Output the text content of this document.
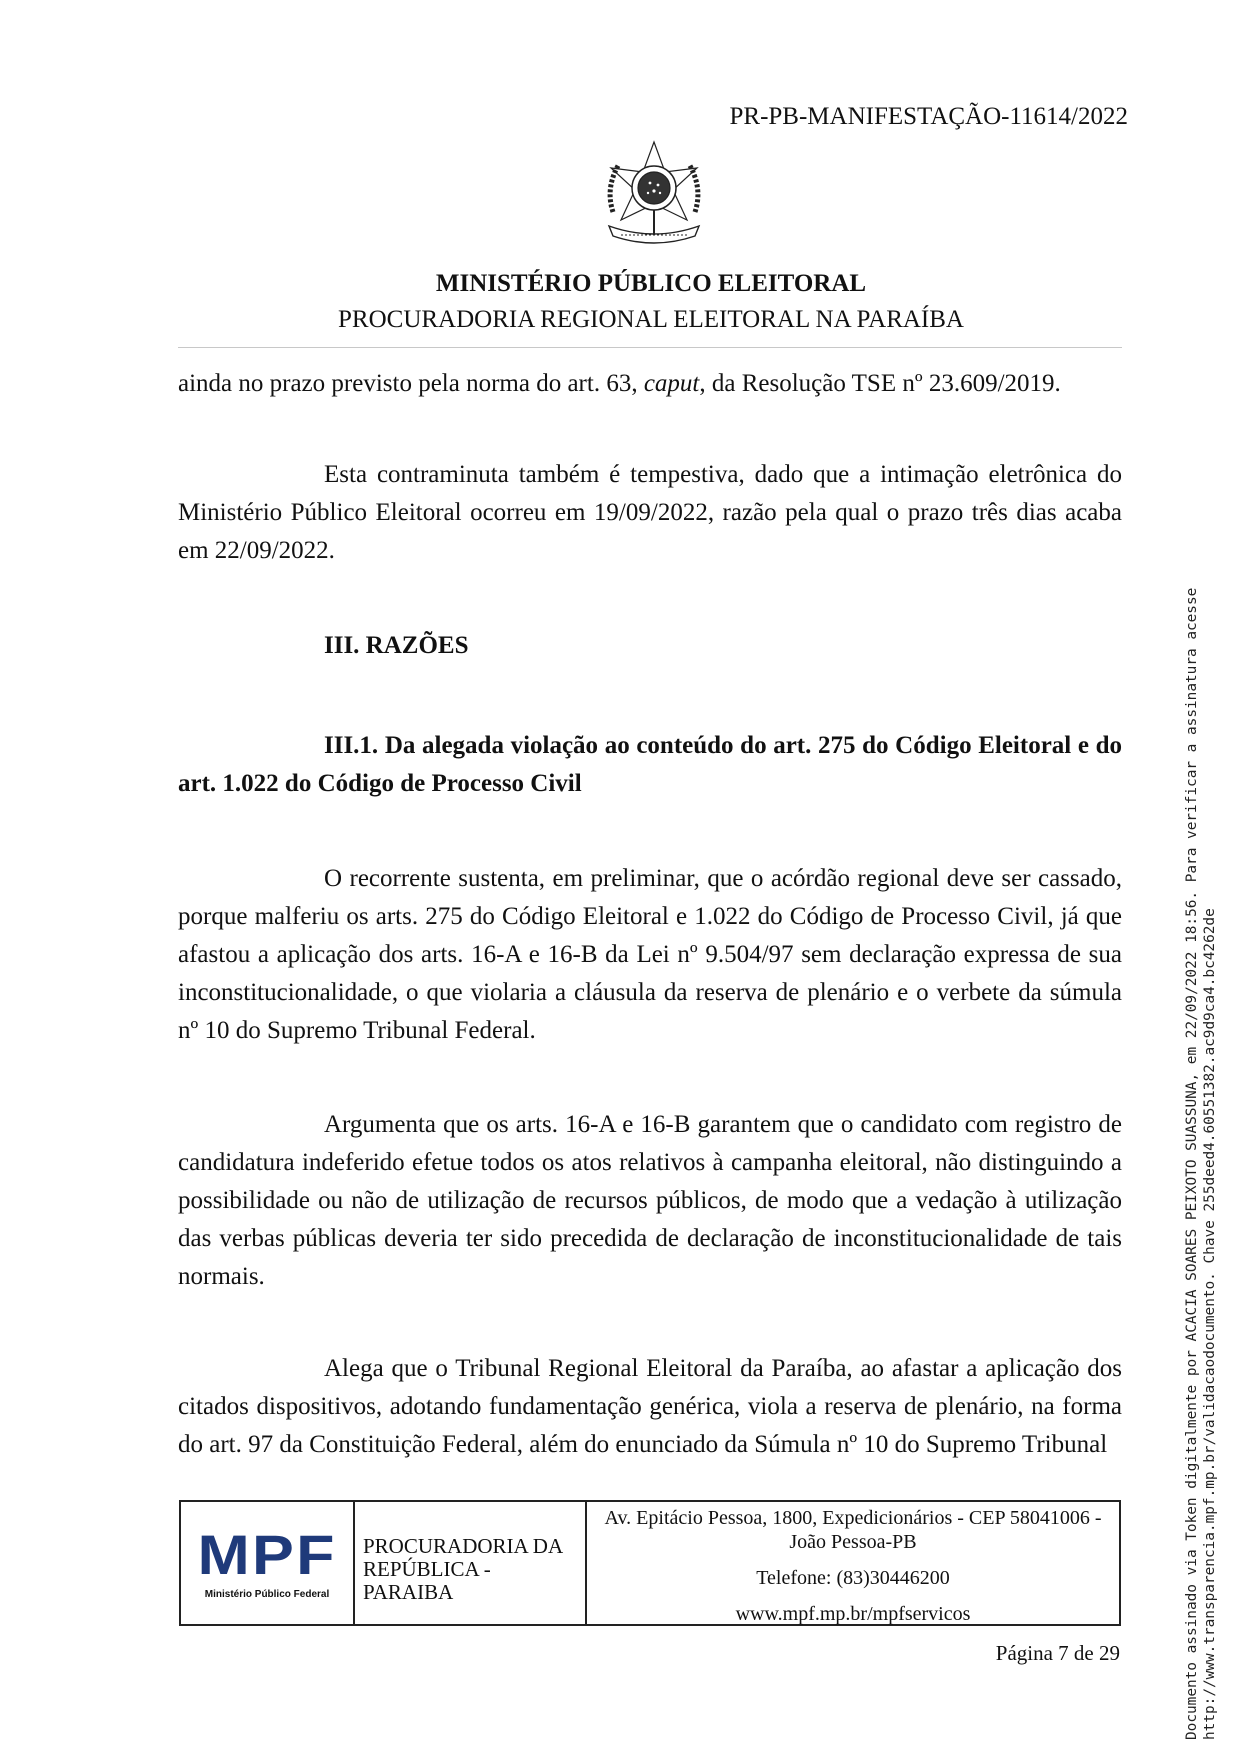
PR-PB-MANIFESTAÇÃO-11614/2022
MINISTÉRIO PÚBLICO ELEITORAL
PROCURADORIA REGIONAL ELEITORAL NA PARAÍBA

ainda no prazo previsto pela norma do art. 63, caput, da Resolução TSE nº 23.609/2019.

Esta contraminuta também é tempestiva, dado que a intimação eletrônica do Ministério Público Eleitoral ocorreu em 19/09/2022, razão pela qual o prazo três dias acaba em 22/09/2022.

III. RAZÕES

III.1. Da alegada violação ao conteúdo do art. 275 do Código Eleitoral e do art. 1.022 do Código de Processo Civil

O recorrente sustenta, em preliminar, que o acórdão regional deve ser cassado, porque malferiu os arts. 275 do Código Eleitoral e 1.022 do Código de Processo Civil, já que afastou a aplicação dos arts. 16-A e 16-B da Lei nº 9.504/97 sem declaração expressa de sua inconstitucionalidade, o que violaria a cláusula da reserva de plenário e o verbete da súmula nº 10 do Supremo Tribunal Federal.

Argumenta que os arts. 16-A e 16-B garantem que o candidato com registro de candidatura indeferido efetue todos os atos relativos à campanha eleitoral, não distinguindo a possibilidade ou não de utilização de recursos públicos, de modo que a vedação à utilização das verbas públicas deveria ter sido precedida de declaração de inconstitucionalidade de tais normais.

Alega que o Tribunal Regional Eleitoral da Paraíba, ao afastar a aplicação dos citados dispositivos, adotando fundamentação genérica, viola a reserva de plenário, na forma do art. 97 da Constituição Federal, além do enunciado da Súmula nº 10 do Supremo Tribunal

MPF
Ministério Público Federal
PROCURADORIA DA REPÚBLICA - PARAIBA
Av. Epitácio Pessoa, 1800, Expedicionários - CEP 58041006 - João Pessoa-PB
Telefone: (83)30446200
www.mpf.mp.br/mpfservicos
Página 7 de 29	Documento assinado via Token digitalmente por ACACIA SOARES PEIXOTO SUASSUNA, em 22/09/2022 18:56. Para verificar a assinatura acesse http://www.transparencia.mpf.mp.br/validacaodocumento. Chave 255deed4.60551382.ac9d9ca4.bc4262de
